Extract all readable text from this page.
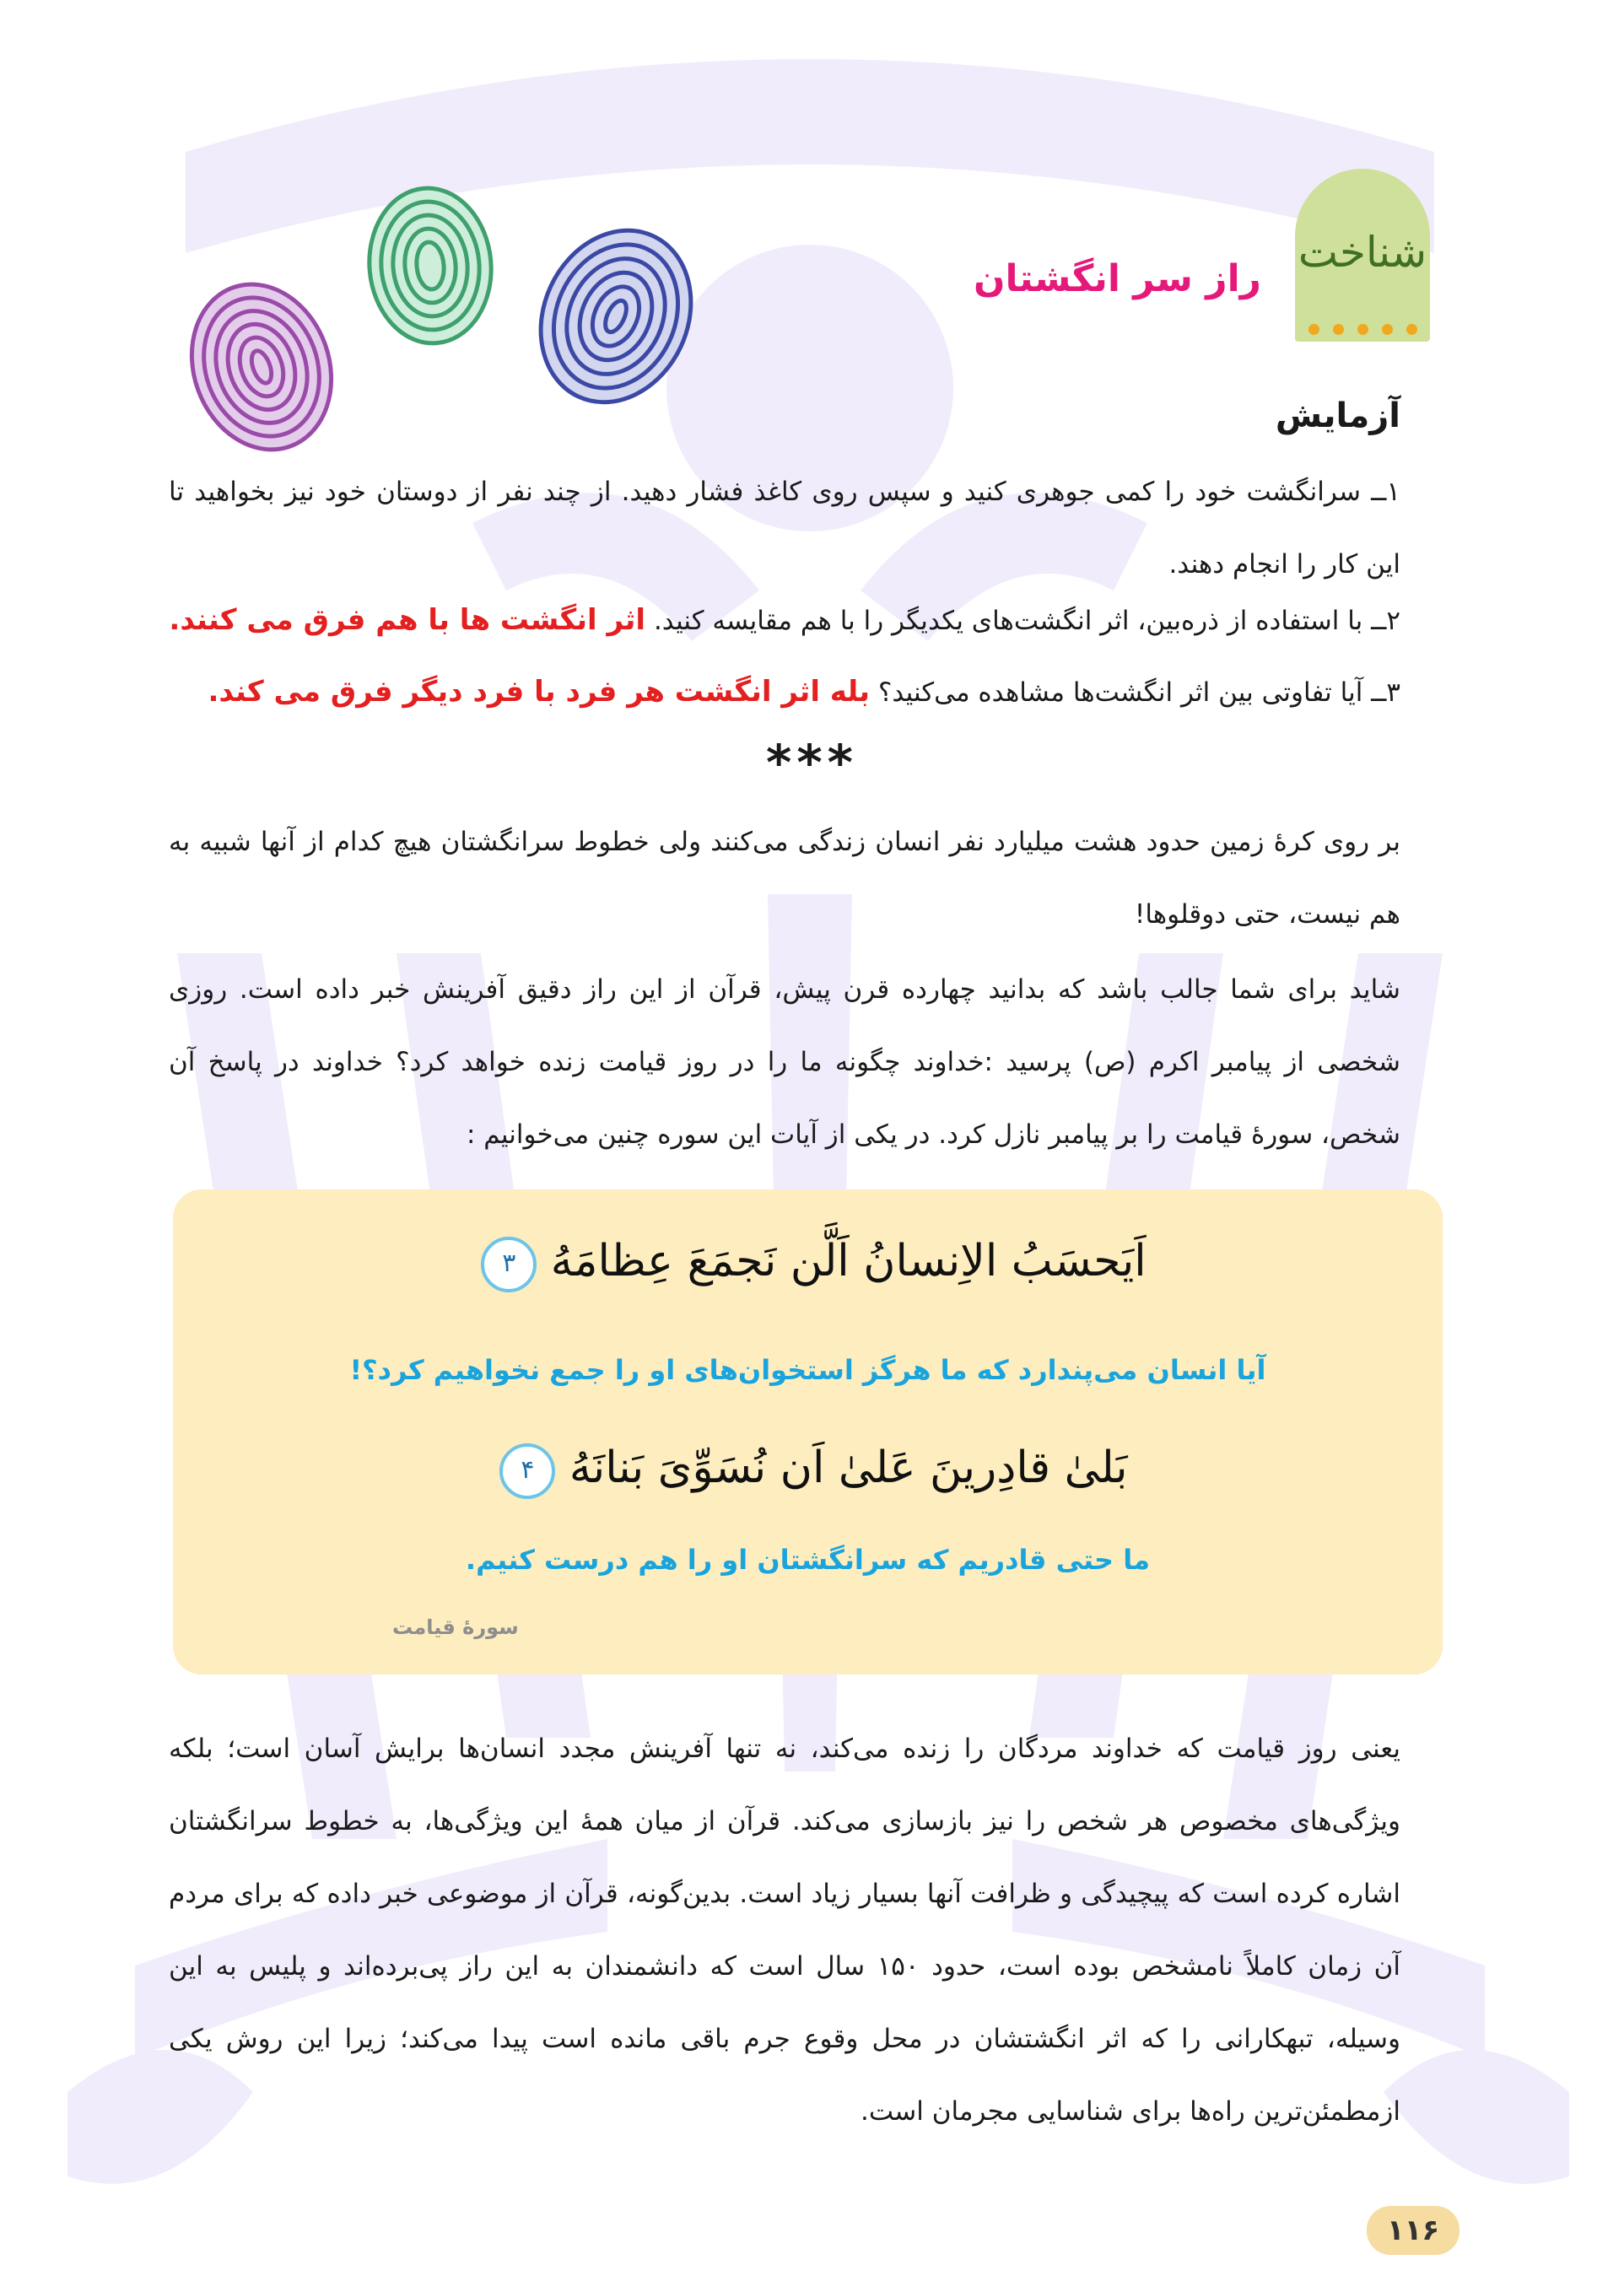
شناخت
راز سر انگشتان
آزمایش
۱ــ سرانگشت خود را کمی جوهری کنید و سپس روی کاغذ فشار دهید. از چند نفر از دوستان خود نیز بخواهید تا این کار را انجام دهند.
۲ــ با استفاده از ذره‌بین، اثر انگشت‌های یکدیگر را با هم مقایسه کنید. اثر انگشت ها با هم فرق می کنند.
۳ــ آیا تفاوتی بین اثر انگشت‌ها مشاهده می‌کنید؟ بله اثر انگشت هر فرد با فرد دیگر فرق می کند.
***
بر روی کرهٔ زمین حدود هشت میلیارد نفر انسان زندگی می‌کنند ولی خطوط سرانگشتان هیچ کدام از آنها شبیه به هم نیست، حتی دوقلوها!
شاید برای شما جالب باشد که بدانید چهارده قرن پیش، قرآن از این راز دقیق آفرینش خبر داده است. روزی شخصی از پیامبر اکرم (ص) پرسید :خداوند چگونه ما را در روز قیامت زنده خواهد کرد؟ خداوند در پاسخ آن شخص، سورهٔ قیامت را بر پیامبر نازل کرد. در یکی از آیات این سوره چنین می‌خوانیم :
اَیَحسَبُ الاِنسانُ اَلَّن نَجمَعَ عِظامَهُ ۳
آیا انسان می‌پندارد که ما هرگز استخوان‌های او را جمع نخواهیم کرد؟!
بَلیٰ قادِرینَ عَلیٰ اَن نُسَوِّیَ بَنانَهُ ۴
ما حتی قادریم که سرانگشتان او را هم درست کنیم.
سورهٔ قیامت
یعنی روز قیامت که خداوند مردگان را زنده می‌کند، نه تنها آفرینش مجدد انسان‌ها برایش آسان است؛ بلکه ویژگی‌های مخصوص هر شخص را نیز بازسازی می‌کند. قرآن از میان همهٔ این ویژگی‌ها، به خطوط سرانگشتان اشاره کرده است که پیچیدگی و ظرافت آنها بسیار زیاد است. بدین‌گونه، قرآن از موضوعی خبر داده که برای مردم آن زمان کاملاً نامشخص بوده است، حدود ۱۵۰ سال است که دانشمندان به این راز پی‌برده‌اند و پلیس به این وسیله، تبهکارانی را که اثر انگشتشان در محل وقوع جرم باقی مانده است پیدا می‌کند؛ زیرا این روش یکی ازمطمئن‌ترین راه‌ها برای شناسایی مجرمان است.
۱۱۶
